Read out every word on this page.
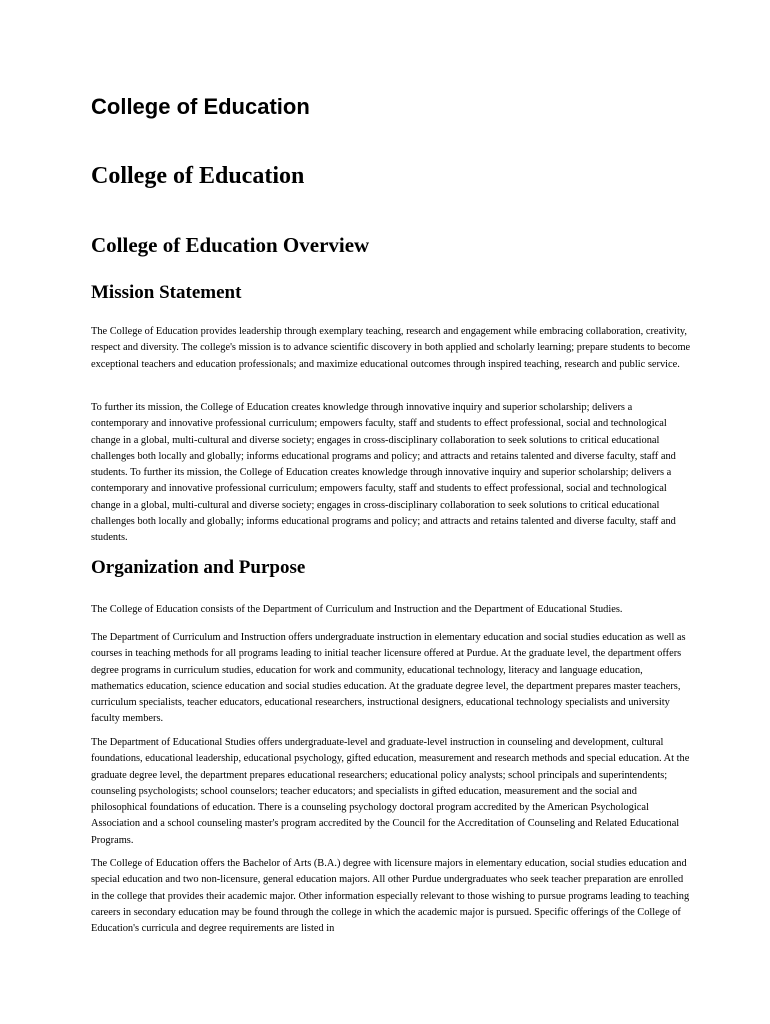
College of Education
College of Education
College of Education Overview
Mission Statement

The College of Education provides leadership through exemplary teaching, research and engagement while embracing collaboration, creativity, respect and diversity. The college's mission is to advance scientific discovery in both applied and scholarly learning; prepare students to become exceptional teachers and education professionals; and maximize educational outcomes through inspired teaching, research and public service.

To further its mission, the College of Education creates knowledge through innovative inquiry and superior scholarship; delivers a contemporary and innovative professional curriculum; empowers faculty, staff and students to effect professional, social and technological change in a global, multi-cultural and diverse society; engages in cross-disciplinary collaboration to seek solutions to critical educational challenges both locally and globally; informs educational programs and policy; and attracts and retains talented and diverse faculty, staff and students. To further its mission, the College of Education creates knowledge through innovative inquiry and superior scholarship; delivers a contemporary and innovative professional curriculum; empowers faculty, staff and students to effect professional, social and technological change in a global, multi-cultural and diverse society; engages in cross-disciplinary collaboration to seek solutions to critical educational challenges both locally and globally; informs educational programs and policy; and attracts and retains talented and diverse faculty, staff and students.

Organization and Purpose

The College of Education consists of the Department of Curriculum and Instruction and the Department of Educational Studies.

The Department of Curriculum and Instruction offers undergraduate instruction in elementary education and social studies education as well as courses in teaching methods for all programs leading to initial teacher licensure offered at Purdue. At the graduate level, the department offers degree programs in curriculum studies, education for work and community, educational technology, literacy and language education, mathematics education, science education and social studies education. At the graduate degree level, the department prepares master teachers, curriculum specialists, teacher educators, educational researchers, instructional designers, educational technology specialists and university faculty members.

The Department of Educational Studies offers undergraduate-level and graduate-level instruction in counseling and development, cultural foundations, educational leadership, educational psychology, gifted education, measurement and research methods and special education. At the graduate degree level, the department prepares educational researchers; educational policy analysts; school principals and superintendents; counseling psychologists; school counselors; teacher educators; and specialists in gifted education, measurement and the social and philosophical foundations of education. There is a counseling psychology doctoral program accredited by the American Psychological Association and a school counseling master's program accredited by the Council for the Accreditation of Counseling and Related Educational Programs.

The College of Education offers the Bachelor of Arts (B.A.) degree with licensure majors in elementary education, social studies education and special education and two non-licensure, general education majors. All other Purdue undergraduates who seek teacher preparation are enrolled in the college that provides their academic major. Other information especially relevant to those wishing to pursue programs leading to teaching careers in secondary education may be found through the college in which the academic major is pursued. Specific offerings of the College of Education's curricula and degree requirements are listed in
